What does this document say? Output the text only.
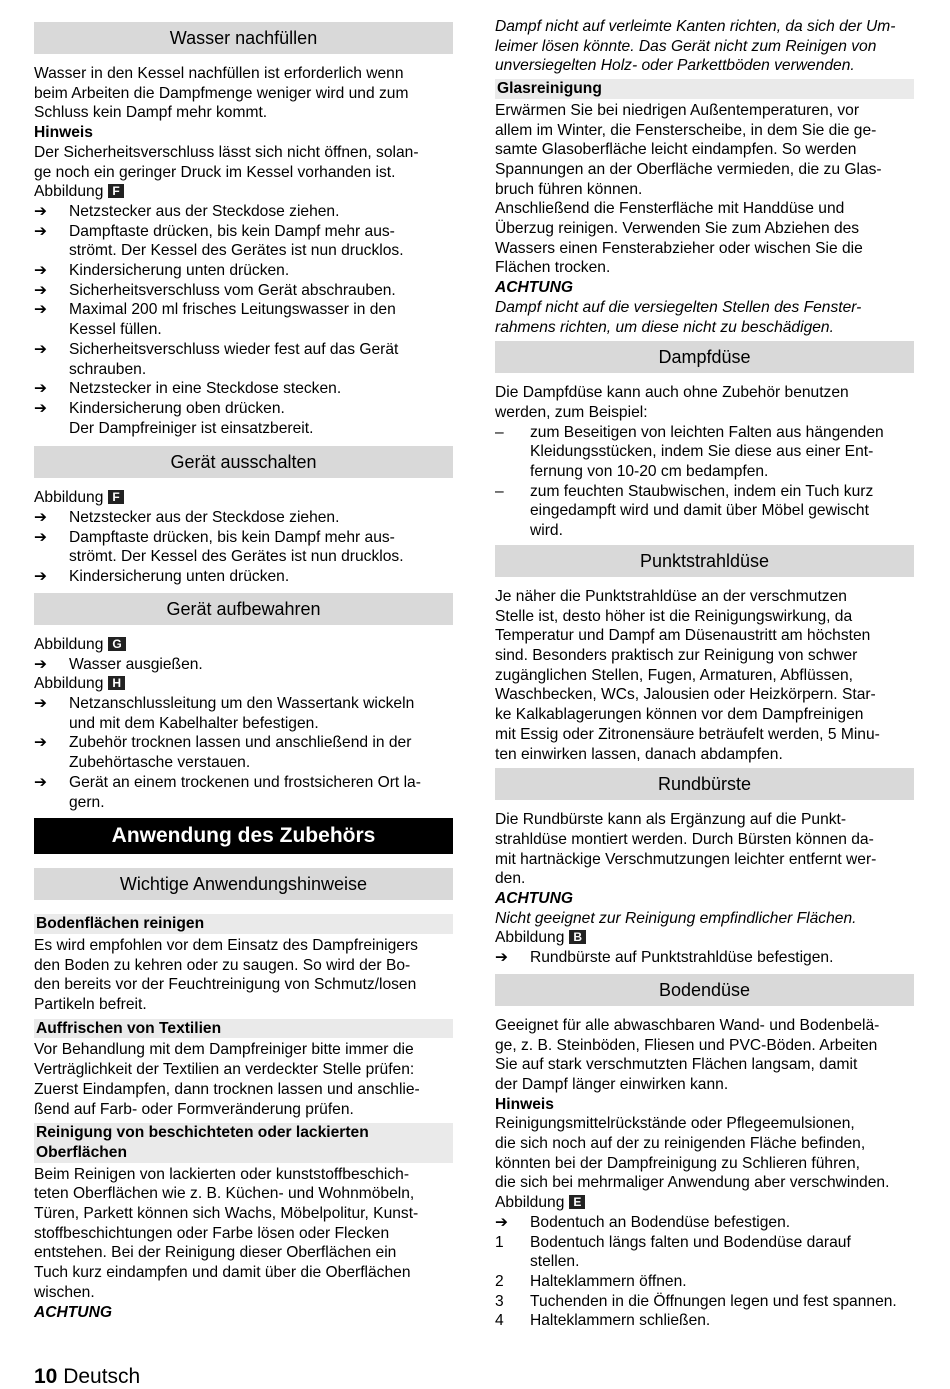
Wasser nachfüllen
Wasser in den Kessel nachfüllen ist erforderlich wenn
beim Arbeiten die Dampfmenge weniger wird und zum
Schluss kein Dampf mehr kommt.

Hinweis

Der Sicherheitsverschluss lässt sich nicht öffnen, solan-
ge noch ein geringer Druck im Kessel vorhanden ist.

Abbildung F

➔	Netzstecker aus der Steckdose ziehen.
➔	Dampftaste drücken, bis kein Dampf mehr aus-
strömt. Der Kessel des Gerätes ist nun drucklos.
➔	Kindersicherung unten drücken.
➔	Sicherheitsverschluss vom Gerät abschrauben.
➔	Maximal 200 ml frisches Leitungswasser in den
Kessel füllen.
➔	Sicherheitsverschluss wieder fest auf das Gerät
schrauben.
➔	Netzstecker in eine Steckdose stecken.
➔	Kindersicherung oben drücken.

Der Dampfreiniger ist einsatzbereit.

Gerät ausschalten

Abbildung F

➔	Netzstecker aus der Steckdose ziehen.
➔	Dampftaste drücken, bis kein Dampf mehr aus-
strömt. Der Kessel des Gerätes ist nun drucklos.
➔	Kindersicherung unten drücken.
Gerät aufbewahren

Abbildung G

➔	Wasser ausgießen.

Abbildung H

➔	Netzanschlussleitung um den Wassertank wickeln
und mit dem Kabelhalter befestigen.
➔	Zubehör trocknen lassen und anschließend in der
Zubehörtasche verstauen.
➔	Gerät an einem trockenen und frostsicheren Ort la-
gern.
Anwendung des Zubehörs
Wichtige Anwendungshinweise
Bodenflächen reinigen
Es wird empfohlen vor dem Einsatz des Dampfreinigers
den Boden zu kehren oder zu saugen. So wird der Bo-
den bereits vor der Feuchtreinigung von Schmutz/losen
Partikeln befreit.
Auffrischen von Textilien
Vor Behandlung mit dem Dampfreiniger bitte immer die
Verträglichkeit der Textilien an verdeckter Stelle prüfen:
Zuerst Eindampfen, dann trocknen lassen und anschlie-
ßend auf Farb- oder Formveränderung prüfen.
Reinigung von beschichteten oder lackierten
Oberflächen
Beim Reinigen von lackierten oder kunststoffbeschich-
teten Oberflächen wie z. B. Küchen- und Wohnmöbeln,
Türen, Parkett können sich Wachs, Möbelpolitur, Kunst-
stoffbeschichtungen oder Farbe lösen oder Flecken
entstehen. Bei der Reinigung dieser Oberflächen ein
Tuch kurz eindampfen und damit über die Oberflächen
wischen.

ACHTUNG

Dampf nicht auf verleimte Kanten richten, da sich der Um-
leimer lösen könnte. Das Gerät nicht zum Reinigen von
unversiegelten Holz- oder Parkettböden verwenden.
Glasreinigung
Erwärmen Sie bei niedrigen Außentemperaturen, vor
allem im Winter, die Fensterscheibe, in dem Sie die ge-
samte Glasoberfläche leicht eindampfen. So werden
Spannungen an der Oberfläche vermieden, die zu Glas-
bruch führen können.
Anschließend die Fensterfläche mit Handdüse und
Überzug reinigen. Verwenden Sie zum Abziehen des
Wassers einen Fensterabzieher oder wischen Sie die
Flächen trocken.

ACHTUNG

Dampf nicht auf die versiegelten Stellen des Fenster-
rahmens richten, um diese nicht zu beschädigen.
Dampfdüse
Die Dampfdüse kann auch ohne Zubehör benutzen
werden, zum Beispiel:
–	zum Beseitigen von leichten Falten aus hängenden
Kleidungsstücken, indem Sie diese aus einer Ent-
fernung von 10-20 cm bedampfen.
–	zum feuchten Staubwischen, indem ein Tuch kurz
eingedampft wird und damit über Möbel gewischt
wird.
Punktstrahldüse
Je näher die Punktstrahldüse an der verschmutzen
Stelle ist, desto höher ist die Reinigungswirkung, da
Temperatur und Dampf am Düsenaustritt am höchsten
sind. Besonders praktisch zur Reinigung von schwer
zugänglichen Stellen, Fugen, Armaturen, Abflüssen,
Waschbecken, WCs, Jalousien oder Heizkörpern. Star-
ke Kalkablagerungen können vor dem Dampfreinigen
mit Essig oder Zitronensäure beträufelt werden, 5 Minu-
ten einwirken lassen, danach abdampfen.
Rundbürste
Die Rundbürste kann als Ergänzung auf die Punkt-
strahldüse montiert werden. Durch Bürsten können da-
mit hartnäckige Verschmutzungen leichter entfernt wer-
den.

ACHTUNG

Nicht geeignet zur Reinigung empfindlicher Flächen.

Abbildung B

➔	Rundbürste auf Punktstrahldüse befestigen.
Bodendüse
Geeignet für alle abwaschbaren Wand- und Bodenbelä-
ge, z. B. Steinböden, Fliesen und PVC-Böden. Arbeiten
Sie auf stark verschmutzten Flächen langsam, damit
der Dampf länger einwirken kann.

Hinweis

Reinigungsmittelrückstände oder Pflegeemulsionen,
die sich noch auf der zu reinigenden Fläche befinden,
könnten bei der Dampfreinigung zu Schlieren führen,
die sich bei mehrmaliger Anwendung aber verschwinden.

Abbildung E

➔	Bodentuch an Bodendüse befestigen.
1	Bodentuch längs falten und Bodendüse darauf
stellen.
2	Halteklammern öffnen.
3	Tuchenden in die Öffnungen legen und fest spannen.
4	Halteklammern schließen.
10 Deutsch
